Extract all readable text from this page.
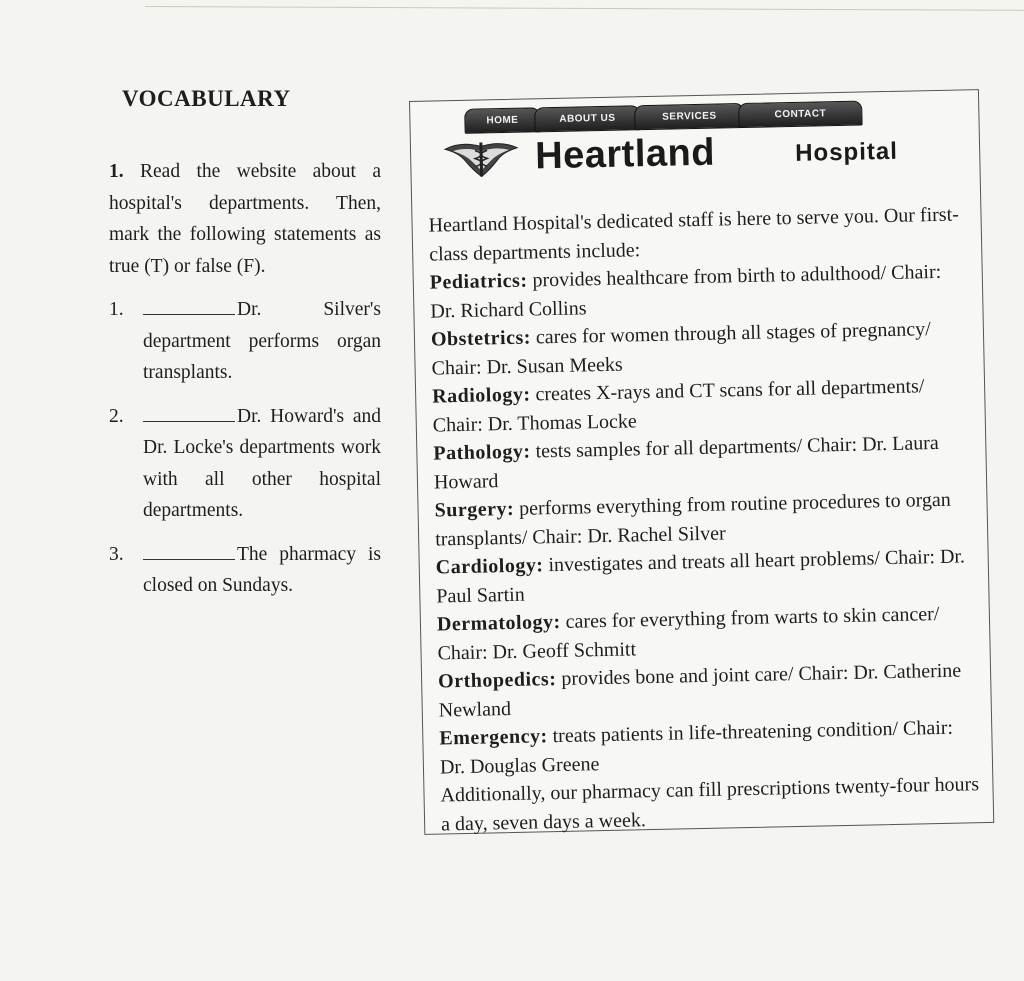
VOCABULARY

1. Read the website about a hospital's departments. Then, mark the following statements as true (T) or false (F).

1.	Dr. Silver's department performs organ transplants.
2.	Dr. Howard's and Dr. Locke's departments work with all other hospital departments.
3.	The pharmacy is closed on Sundays.
HOME	ABOUT US	SERVICES	CONTACT
Heartland	Hospital

Heartland Hospital's dedicated staff is here to serve you. Our first-class departments include:

Pediatrics: provides healthcare from birth to adulthood/ Chair: Dr. Richard Collins

Obstetrics: cares for women through all stages of pregnancy/ Chair: Dr. Susan Meeks

Radiology: creates X-rays and CT scans for all departments/ Chair: Dr. Thomas Locke

Pathology: tests samples for all departments/ Chair: Dr. Laura Howard

Surgery: performs everything from routine procedures to organ transplants/ Chair: Dr. Rachel Silver

Cardiology: investigates and treats all heart problems/ Chair: Dr. Paul Sartin

Dermatology: cares for everything from warts to skin cancer/ Chair: Dr. Geoff Schmitt

Orthopedics: provides bone and joint care/ Chair: Dr. Catherine Newland

Emergency: treats patients in life-threatening condition/ Chair: Dr. Douglas Greene

Additionally, our pharmacy can fill prescriptions twenty-four hours a day, seven days a week.
